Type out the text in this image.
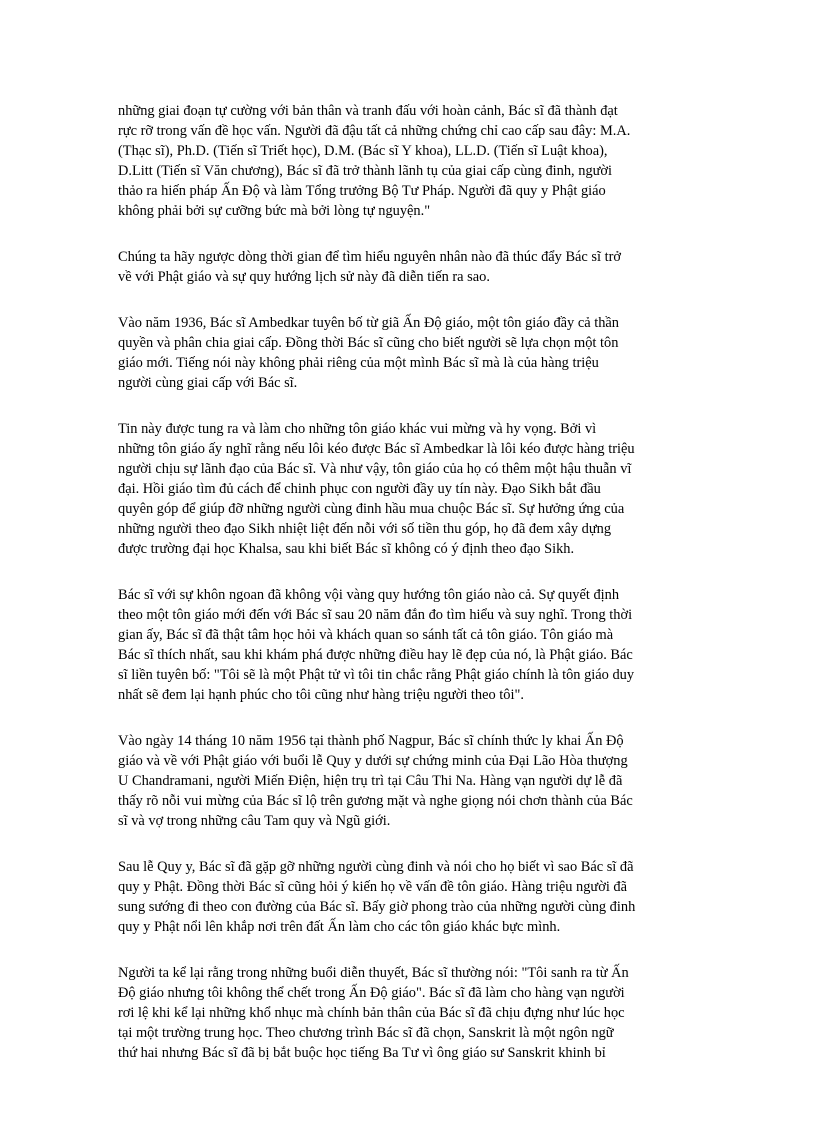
những giai đoạn tự cường với bản thân và tranh đấu với hoàn cảnh, Bác sĩ đã thành đạt
rực rỡ trong vấn đề học vấn. Người đã đậu tất cả những chứng chỉ cao cấp sau đây: M.A.
(Thạc sĩ), Ph.D. (Tiến sĩ Triết học), D.M. (Bác sĩ Y khoa), LL.D. (Tiến sĩ Luật khoa),
D.Litt (Tiến sĩ Văn chương), Bác sĩ đã trở thành lãnh tụ của giai cấp cùng đinh, người
thảo ra hiến pháp Ấn Độ và làm Tổng trưởng Bộ Tư Pháp. Người đã quy y Phật giáo
không phải bởi sự cưỡng bức mà bởi lòng tự nguyện."

Chúng ta hãy ngược dòng thời gian để tìm hiểu nguyên nhân nào đã thúc đẩy Bác sĩ trở
về với Phật giáo và sự quy hướng lịch sử này đã diễn tiến ra sao.

Vào năm 1936, Bác sĩ Ambedkar tuyên bố từ giã Ấn Độ giáo, một tôn giáo đầy cả thần
quyền và phân chia giai cấp. Đồng thời Bác sĩ cũng cho biết người sẽ lựa chọn một tôn
giáo mới. Tiếng nói này không phải riêng của một mình Bác sĩ mà là của hàng triệu
người cùng giai cấp với Bác sĩ.

Tin này được tung ra và làm cho những tôn giáo khác vui mừng và hy vọng. Bởi vì
những tôn giáo ấy nghĩ rằng nếu lôi kéo được Bác sĩ Ambedkar là lôi kéo được hàng triệu
người chịu sự lãnh đạo của Bác sĩ. Và như vậy, tôn giáo của họ có thêm một hậu thuẫn vĩ
đại. Hồi giáo tìm đủ cách để chinh phục con người đầy uy tín này. Đạo Sikh bắt đầu
quyên góp để giúp đỡ những người cùng đinh hầu mua chuộc Bác sĩ. Sự hưởng ứng của
những người theo đạo Sikh nhiệt liệt đến nỗi với số tiền thu góp, họ đã đem xây dựng
được trường đại học Khalsa, sau khi biết Bác sĩ không có ý định theo đạo Sikh.

Bác sĩ với sự khôn ngoan đã không vội vàng quy hướng tôn giáo nào cả. Sự quyết định
theo một tôn giáo mới đến với Bác sĩ sau 20 năm đắn đo tìm hiểu và suy nghĩ. Trong thời
gian ấy, Bác sĩ đã thật tâm học hỏi và khách quan so sánh tất cả tôn giáo. Tôn giáo mà
Bác sĩ thích nhất, sau khi khám phá được những điều hay lẽ đẹp của nó, là Phật giáo. Bác
sĩ liền tuyên bố: "Tôi sẽ là một Phật tử vì tôi tin chắc rằng Phật giáo chính là tôn giáo duy
nhất sẽ đem lại hạnh phúc cho tôi cũng như hàng triệu người theo tôi".

Vào ngày 14 tháng 10 năm 1956 tại thành phố Nagpur, Bác sĩ chính thức ly khai Ấn Độ
giáo và về với Phật giáo với buổi lễ Quy y dưới sự chứng minh của Đại Lão Hòa thượng
U Chandramani, người Miến Điện, hiện trụ trì tại Câu Thi Na. Hàng vạn người dự lễ đã
thấy rõ nỗi vui mừng của Bác sĩ lộ trên gương mặt và nghe giọng nói chơn thành của Bác
sĩ và vợ trong những câu Tam quy và Ngũ giới.

Sau lễ Quy y, Bác sĩ đã gặp gỡ những người cùng đinh và nói cho họ biết vì sao Bác sĩ đã
quy y Phật. Đồng thời Bác sĩ cũng hỏi ý kiến họ về vấn đề tôn giáo. Hàng triệu người đã
sung sướng đi theo con đường của Bác sĩ. Bấy giờ phong trào của những người cùng đinh
quy y Phật nổi lên khắp nơi trên đất Ấn làm cho các tôn giáo khác bực mình.

Người ta kể lại rằng trong những buổi diễn thuyết, Bác sĩ thường nói: "Tôi sanh ra từ Ấn
Độ giáo nhưng tôi không thể chết trong Ấn Độ giáo". Bác sĩ đã làm cho hàng vạn người
rơi lệ khi kể lại những khổ nhục mà chính bản thân của Bác sĩ đã chịu đựng như lúc học
tại một trường trung học. Theo chương trình Bác sĩ đã chọn, Sanskrit là một ngôn ngữ
thứ hai nhưng Bác sĩ đã bị bắt buộc học tiếng Ba Tư vì ông giáo sư Sanskrit khinh bỉ
